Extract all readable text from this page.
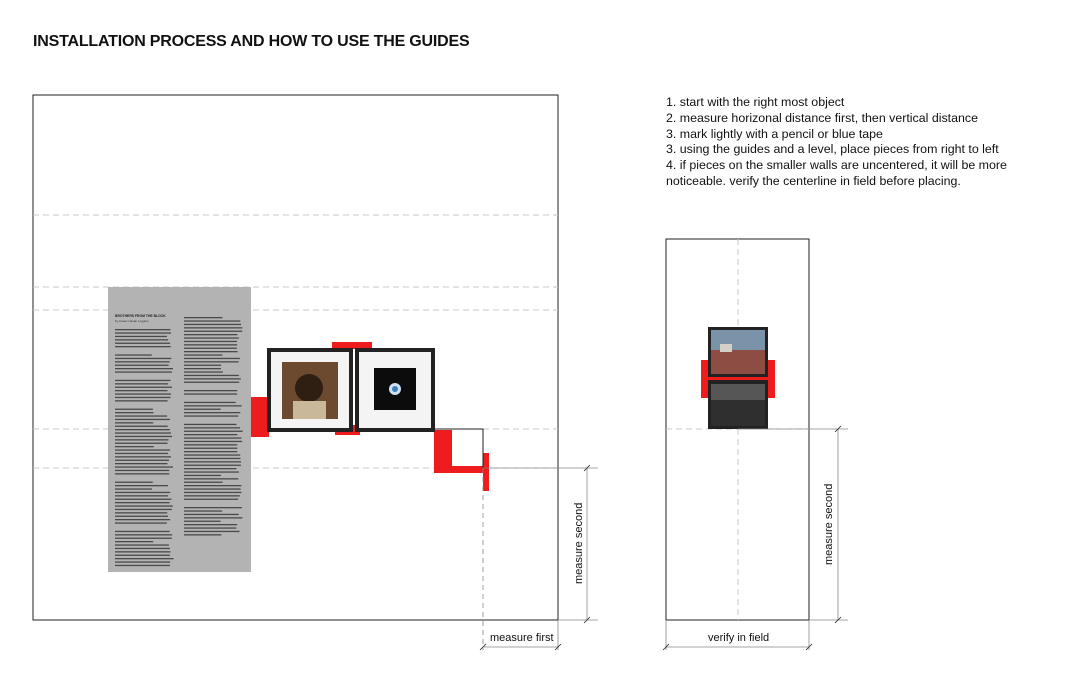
INSTALLATION PROCESS AND HOW TO USE THE GUIDES
1. start with the right most object
2. measure horizonal distance first, then vertical distance
3. mark lightly with a pencil or blue tape
3. using the guides and a level, place pieces from right to left
4. if pieces on the smaller walls are uncentered, it will be more noticeable. verify the centerline in field before placing.
BROTHERS FROM THE BLOCK
by Ameer Hasan Loggins
measure first
measure second
verify in field
measure second
